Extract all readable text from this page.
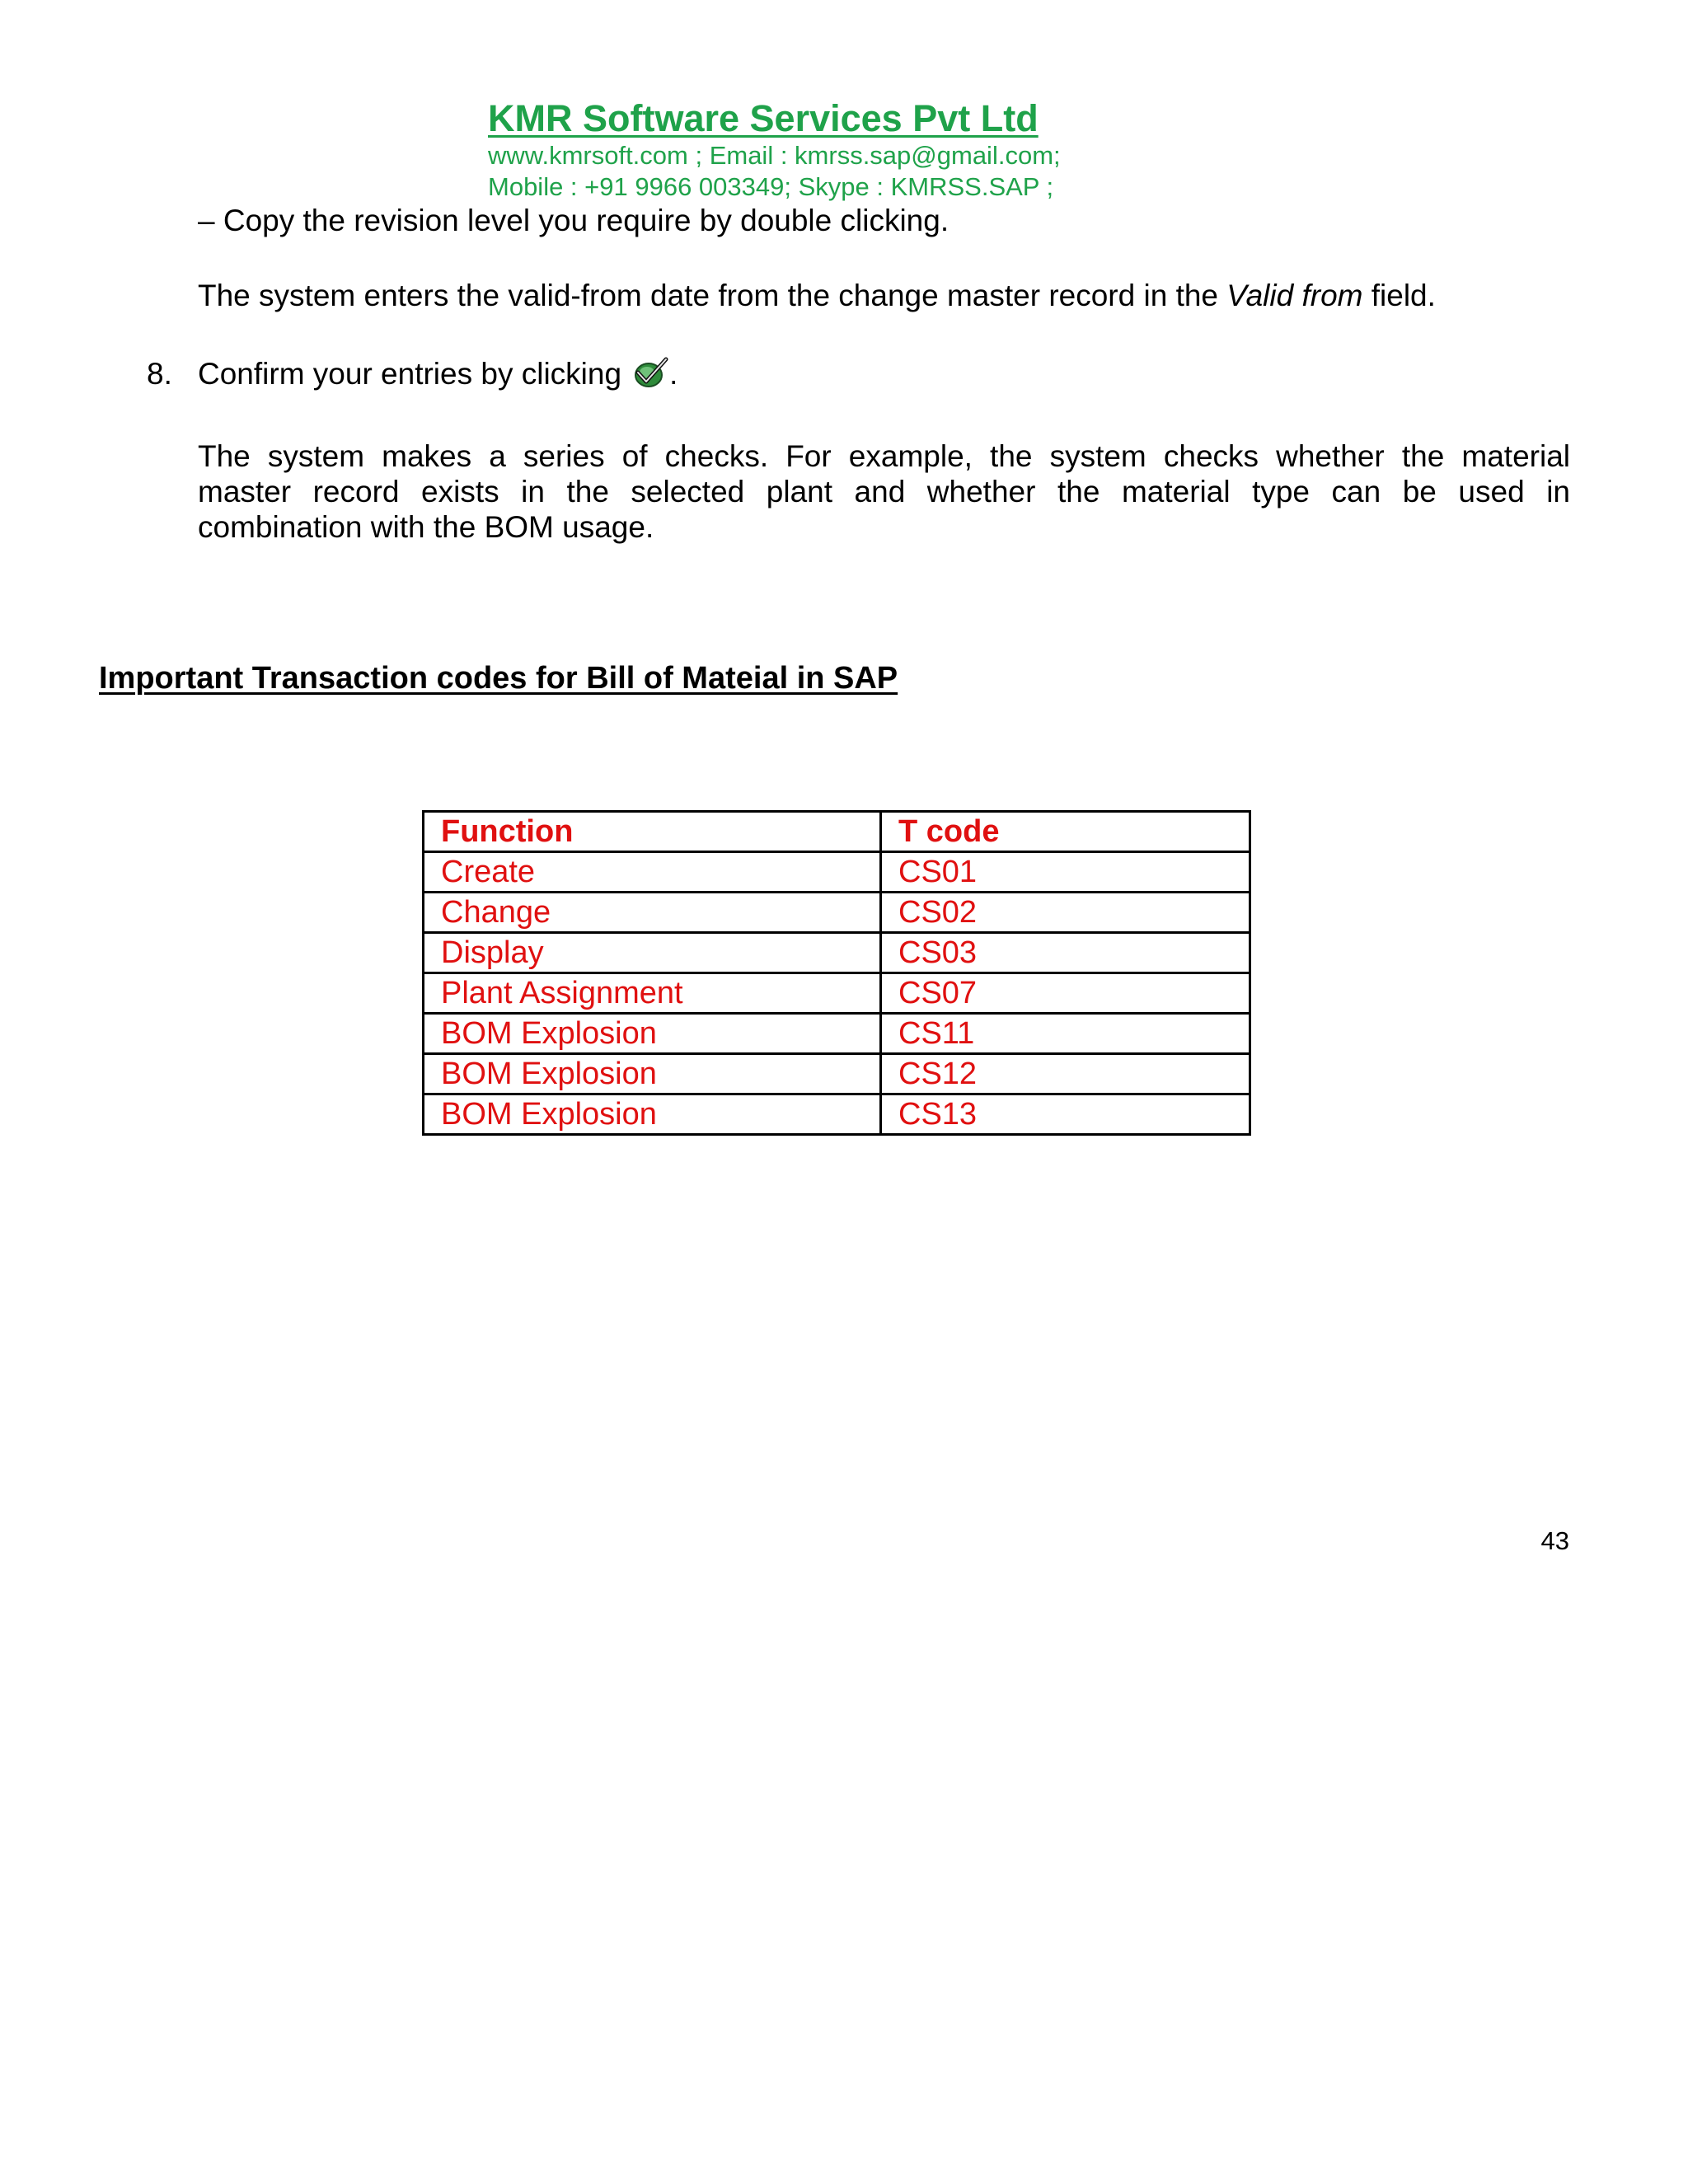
KMR Software Services Pvt Ltd
www.kmrsoft.com ; Email : kmrss.sap@gmail.com;
Mobile : +91 9966 003349; Skype : KMRSS.SAP ;
– Copy the revision level you require by double clicking.
The system enters the valid-from date from the change master record in the Valid from field.
8. Confirm your entries by clicking .
The system makes a series of checks. For example, the system checks whether the material
master record exists in the selected plant and whether the material type can be used in
combination with the BOM usage.
Important Transaction codes for Bill of Mateial in SAP
Function	T code
Create	CS01
Change	CS02
Display	CS03
Plant Assignment	CS07
BOM Explosion	CS11
BOM Explosion	CS12
BOM Explosion	CS13
43
